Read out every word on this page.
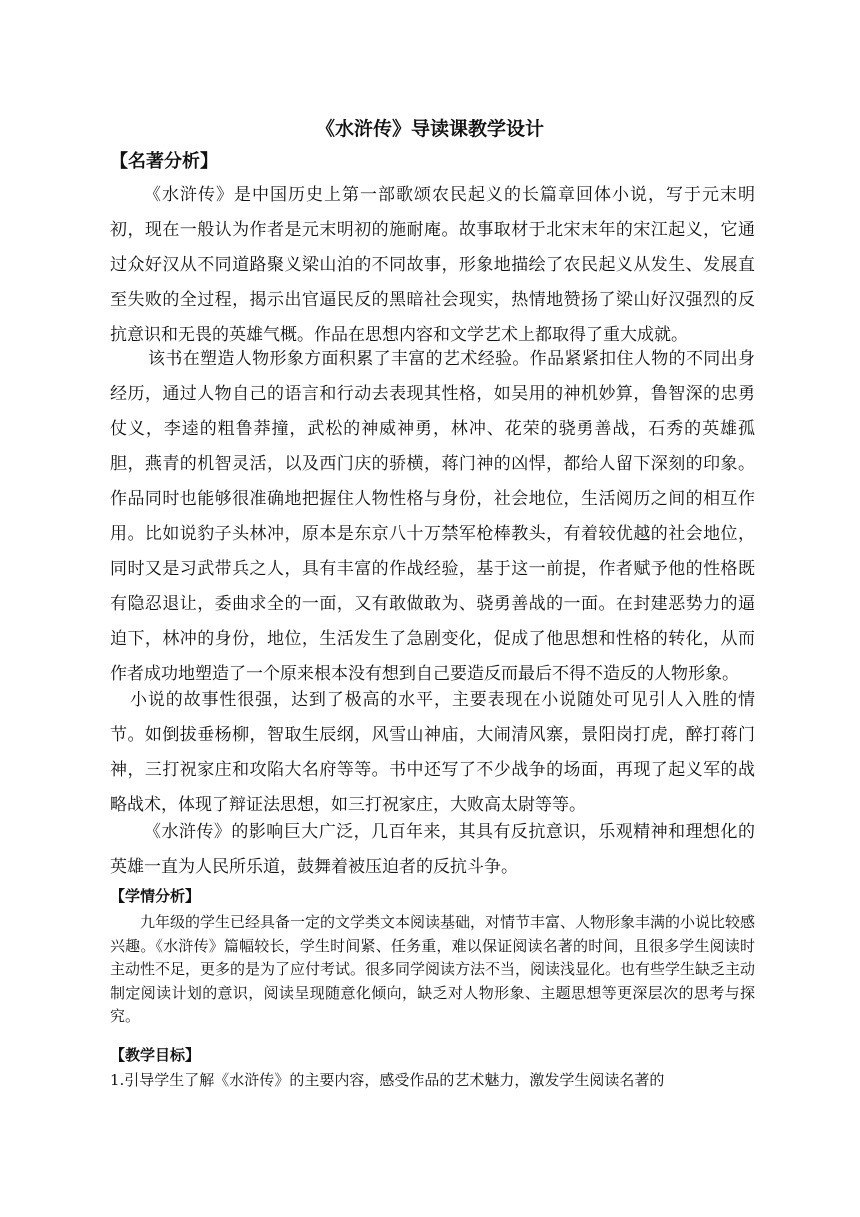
《水浒传》导读课教学设计
【名著分析】

《水浒传》是中国历史上第一部歌颂农民起义的长篇章回体小说，写于元末明初，现在一般认为作者是元末明初的施耐庵。故事取材于北宋末年的宋江起义，它通过众好汉从不同道路聚义梁山泊的不同故事，形象地描绘了农民起义从发生、发展直至失败的全过程，揭示出官逼民反的黑暗社会现实，热情地赞扬了梁山好汉强烈的反抗意识和无畏的英雄气概。作品在思想内容和文学艺术上都取得了重大成就。

该书在塑造人物形象方面积累了丰富的艺术经验。作品紧紧扣住人物的不同出身经历，通过人物自己的语言和行动去表现其性格，如吴用的神机妙算，鲁智深的忠勇仗义，李逵的粗鲁莽撞，武松的神威神勇，林冲、花荣的骁勇善战，石秀的英雄孤胆，燕青的机智灵活，以及西门庆的骄横，蒋门神的凶悍，都给人留下深刻的印象。作品同时也能够很准确地把握住人物性格与身份，社会地位，生活阅历之间的相互作用。比如说豹子头林冲，原本是东京八十万禁军枪棒教头，有着较优越的社会地位，同时又是习武带兵之人，具有丰富的作战经验，基于这一前提，作者赋予他的性格既有隐忍退让，委曲求全的一面，又有敢做敢为、骁勇善战的一面。在封建恶势力的逼迫下，林冲的身份，地位，生活发生了急剧变化，促成了他思想和性格的转化，从而作者成功地塑造了一个原来根本没有想到自己要造反而最后不得不造反的人物形象。

小说的故事性很强，达到了极高的水平，主要表现在小说随处可见引人入胜的情节。如倒拔垂杨柳，智取生辰纲，风雪山神庙，大闹清风寨，景阳岗打虎，醉打蒋门神，三打祝家庄和攻陷大名府等等。书中还写了不少战争的场面，再现了起义军的战略战术，体现了辩证法思想，如三打祝家庄，大败高太尉等等。

《水浒传》的影响巨大广泛，几百年来，其具有反抗意识，乐观精神和理想化的英雄一直为人民所乐道，鼓舞着被压迫者的反抗斗争。

【学情分析】

九年级的学生已经具备一定的文学类文本阅读基础，对情节丰富、人物形象丰满的小说比较感兴趣。《水浒传》篇幅较长，学生时间紧、任务重，难以保证阅读名著的时间，且很多学生阅读时主动性不足，更多的是为了应付考试。很多同学阅读方法不当，阅读浅显化。也有些学生缺乏主动制定阅读计划的意识，阅读呈现随意化倾向，缺乏对人物形象、主题思想等更深层次的思考与探究。

【教学目标】

1.引导学生了解《水浒传》的主要内容，感受作品的艺术魅力，激发学生阅读名著的
